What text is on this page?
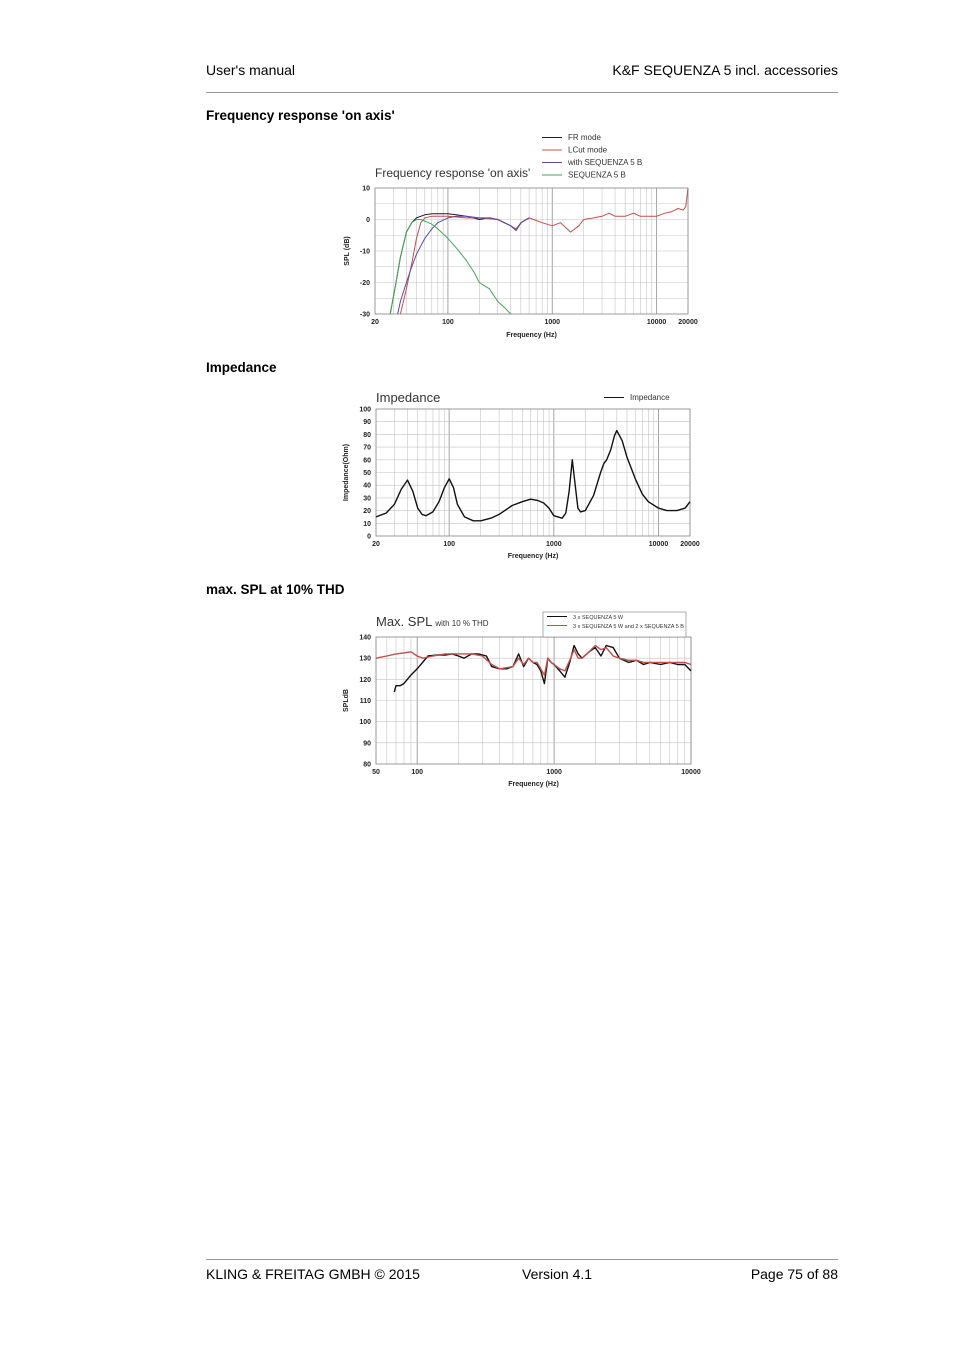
User's manual	K&F SEQUENZA 5 incl. accessories
Frequency response 'on axis'
20	100	1000	10000 20000
-30
-20
-10
0
10
Frequency (Hz)
SPL (dB)
Frequency response 'on axis'
FR mode
LCut mode
with SEQUENZA 5 B
SEQUENZA 5 B
Impedance
20	100	1000	10000 20000
0
10
20
30
40
50
60
70
80
90
100
Frequency (Hz)
Impedance(Ohm)
Impedance	Impedance
max. SPL at 10% THD
50	100	1000	10000
80
90
100
110
120
130
140
Frequency (Hz)
SPLdB
Max. SPL with 10 % THD
3 x SEQUENZA 5 W
3 x SEQUENZA 5 W and 2 x SEQUENZA 5 B
KLING & FREITAG GMBH © 2015	Version 4.1	Page 75 of 88
